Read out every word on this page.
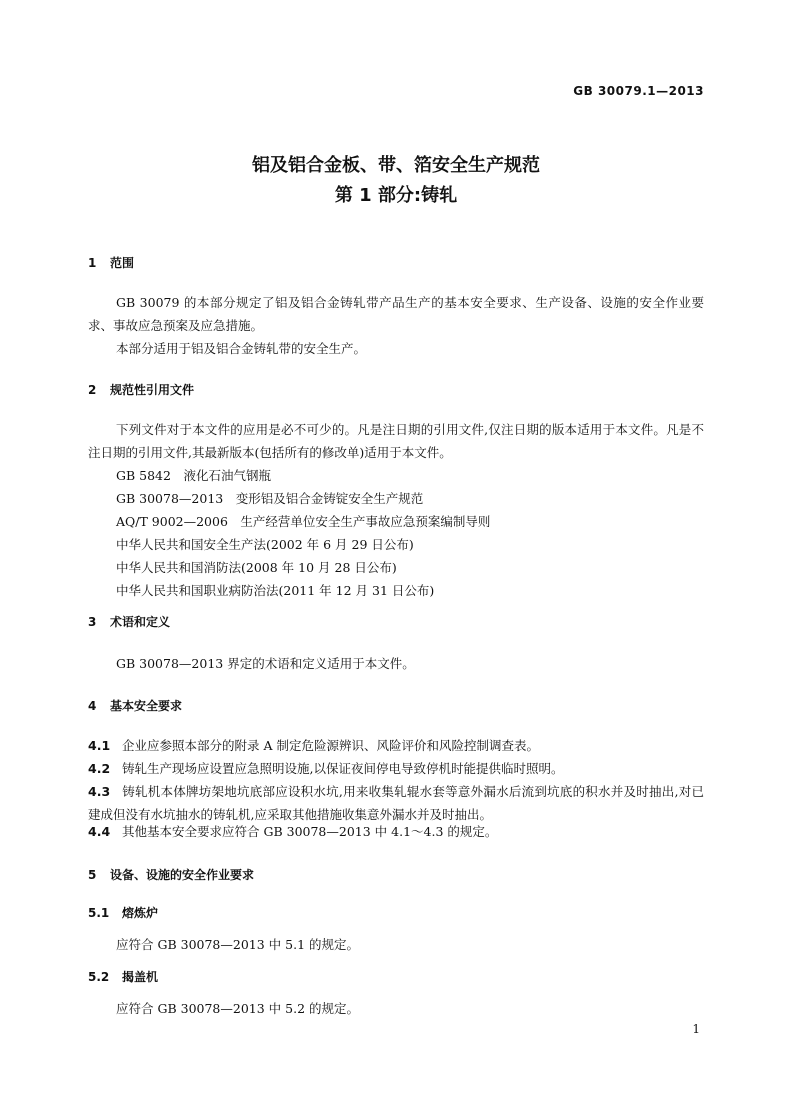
GB 30079.1—2013
铝及铝合金板、带、箔安全生产规范
第 1 部分:铸轧
1 范围
GB 30079 的本部分规定了铝及铝合金铸轧带产品生产的基本安全要求、生产设备、设施的安全作业要求、事故应急预案及应急措施。
本部分适用于铝及铝合金铸轧带的安全生产。
2 规范性引用文件
下列文件对于本文件的应用是必不可少的。凡是注日期的引用文件,仅注日期的版本适用于本文件。凡是不注日期的引用文件,其最新版本(包括所有的修改单)适用于本文件。
GB 5842　液化石油气钢瓶
GB 30078—2013　变形铝及铝合金铸锭安全生产规范
AQ/T 9002—2006　生产经营单位安全生产事故应急预案编制导则
中华人民共和国安全生产法(2002 年 6 月 29 日公布)
中华人民共和国消防法(2008 年 10 月 28 日公布)
中华人民共和国职业病防治法(2011 年 12 月 31 日公布)
3 术语和定义
GB 30078—2013 界定的术语和定义适用于本文件。
4 基本安全要求
4.1 企业应参照本部分的附录 A 制定危险源辨识、风险评价和风险控制调查表。
4.2 铸轧生产现场应设置应急照明设施,以保证夜间停电导致停机时能提供临时照明。
4.3 铸轧机本体牌坊架地坑底部应设积水坑,用来收集轧辊水套等意外漏水后流到坑底的积水并及时抽出,对已建成但没有水坑抽水的铸轧机,应采取其他措施收集意外漏水并及时抽出。
4.4 其他基本安全要求应符合 GB 30078—2013 中 4.1～4.3 的规定。
5 设备、设施的安全作业要求
5.1 熔炼炉
应符合 GB 30078—2013 中 5.1 的规定。
5.2 揭盖机
应符合 GB 30078—2013 中 5.2 的规定。
1
